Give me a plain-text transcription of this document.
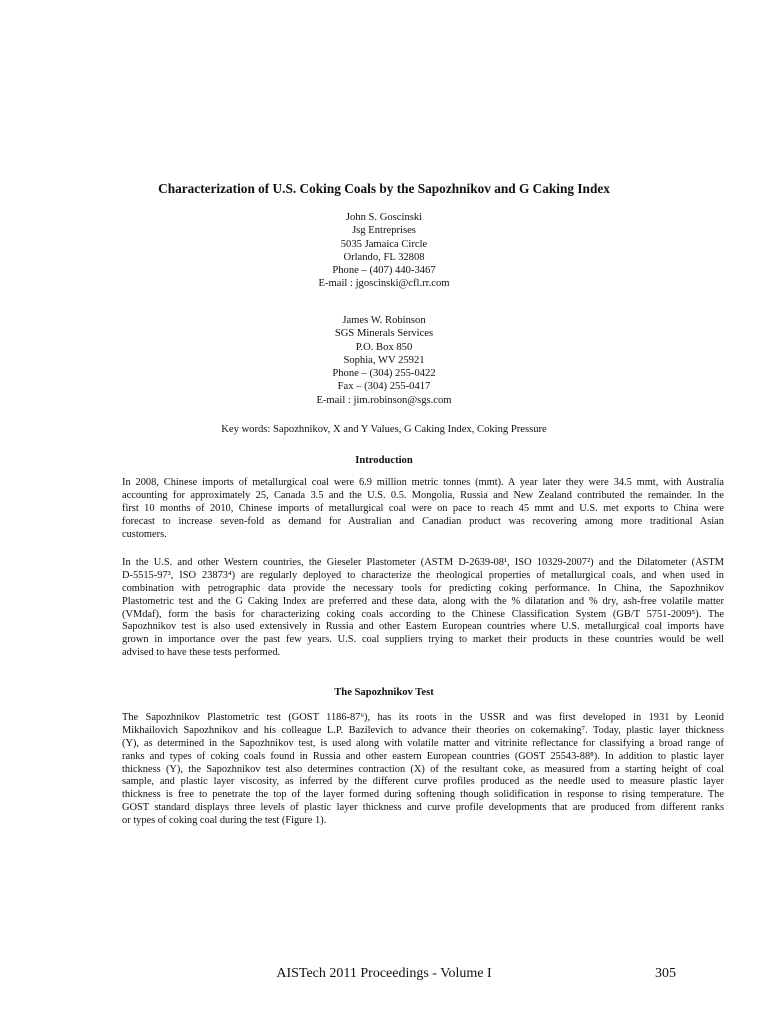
Characterization of U.S. Coking Coals by the Sapozhnikov and G Caking Index
John S. Goscinski
Jsg Entreprises
5035 Jamaica Circle
Orlando, FL 32808
Phone – (407) 440-3467
E-mail : jgoscinski@cfl.rr.com
James W. Robinson
SGS Minerals Services
P.O. Box 850
Sophia, WV 25921
Phone – (304) 255-0422
Fax – (304) 255-0417
E-mail : jim.robinson@sgs.com
Key words: Sapozhnikov, X and Y Values, G Caking Index, Coking Pressure
Introduction
In 2008, Chinese imports of metallurgical coal were 6.9 million metric tonnes (mmt). A year later they were 34.5 mmt, with Australia
accounting for approximately 25, Canada 3.5 and the U.S. 0.5. Mongolia, Russia and New Zealand contributed the remainder. In the
first 10 months of 2010, Chinese imports of metallurgical coal were on pace to reach 45 mmt and U.S. met exports to China were
forecast to increase seven-fold as demand for Australian and Canadian product was recovering among more traditional Asian
customers.
In the U.S. and other Western countries, the Gieseler Plastometer (ASTM D-2639-08¹, ISO 10329-2007²) and the Dilatometer (ASTM
D-5515-97³, ISO 23873⁴) are regularly deployed to characterize the rheological properties of metallurgical coals, and when used in
combination with petrographic data provide the necessary tools for predicting coking performance. In China, the Sapozhnikov
Plastometric test and the G Caking Index are preferred and these data, along with the % dilatation and % dry, ash-free volatile matter
(VMdaf), form the basis for characterizing coking coals according to the Chinese Classification System (GB/T 5751-2009⁵). The
Sapozhnikov test is also used extensively in Russia and other Eastern European countries where U.S. metallurgical coal imports have
grown in importance over the past few years. U.S. coal suppliers trying to market their products in these countries would be well
advised to have these tests performed.
The Sapozhnikov Test
The Sapozhnikov Plastometric test (GOST 1186-87⁶), has its roots in the USSR and was first developed in 1931 by Leonid
Mikhailovich Sapozhnikov and his colleague L.P. Bazilevich to advance their theories on cokemaking⁷. Today, plastic layer thickness
(Y), as determined in the Sapozhnikov test, is used along with volatile matter and vitrinite reflectance for classifying a broad range of
ranks and types of coking coals found in Russia and other eastern European countries (GOST 25543-88⁸). In addition to plastic layer
thickness (Y), the Sapozhnikov test also determines contraction (X) of the resultant coke, as measured from a starting height of coal
sample, and plastic layer viscosity, as inferred by the different curve profiles produced as the needle used to measure plastic layer
thickness is free to penetrate the top of the layer formed during softening though solidification in response to rising temperature. The
GOST standard displays three levels of plastic layer thickness and curve profile developments that are produced from different ranks
or types of coking coal during the test (Figure 1).
AISTech 2011 Proceedings - Volume I	305
